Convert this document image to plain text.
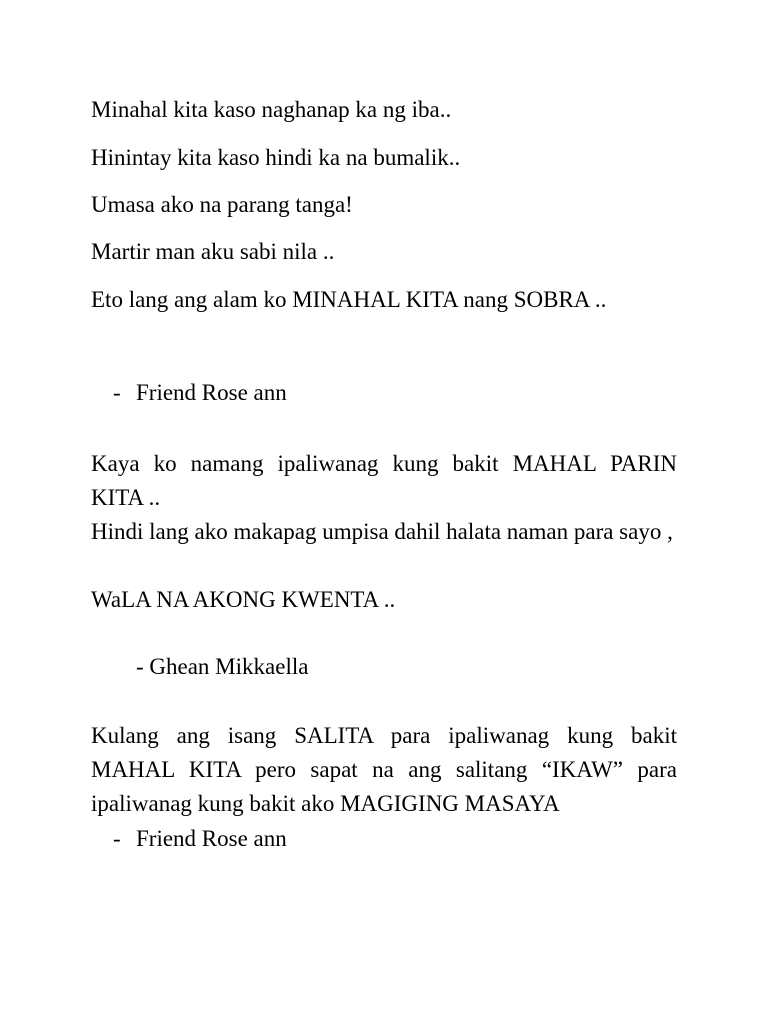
Minahal kita kaso naghanap ka ng iba..
Hinintay kita kaso hindi ka na bumalik..
Umasa ako na parang tanga!
Martir man aku sabi nila ..
Eto lang ang alam ko MINAHAL KITA nang SOBRA ..
- Friend Rose ann
Kaya ko namang ipaliwanag kung bakit MAHAL PARIN KITA ..
Hindi lang ako makapag umpisa dahil halata naman para sayo ,
WaLA NA AKONG KWENTA ..
- Ghean Mikkaella
Kulang ang isang SALITA para ipaliwanag kung bakit MAHAL KITA pero sapat na ang salitang “IKAW” para ipaliwanag kung bakit ako MAGIGING MASAYA
- Friend Rose ann
